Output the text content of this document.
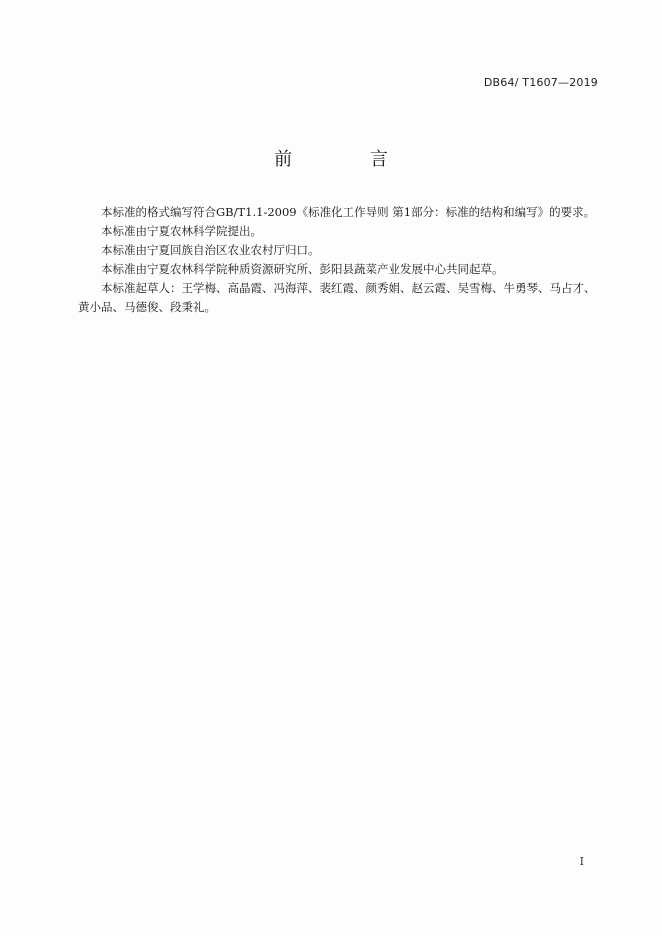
DB64/ T1607—2019
前 言

本标准的格式编写符合GB/T1.1-2009《标准化工作导则 第1部分：标准的结构和编写》的要求。

本标准由宁夏农林科学院提出。

本标准由宁夏回族自治区农业农村厅归口。

本标准由宁夏农林科学院种质资源研究所、彭阳县蔬菜产业发展中心共同起草。

本标准起草人：王学梅、高晶霞、冯海萍、裴红霞、颜秀娟、赵云霞、吴雪梅、牛勇琴、马占才、黄小品、马德俊、段秉礼。

I
